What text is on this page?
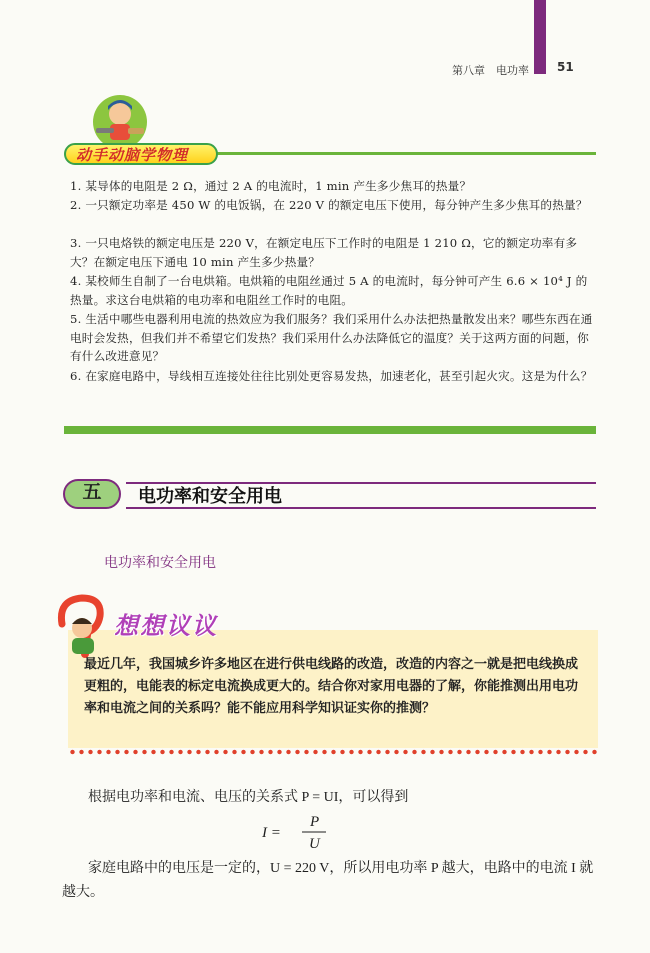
第八章　电功率 51
动手动脑学物理
1. 某导体的电阻是 2 Ω，通过 2 A 的电流时，1 min 产生多少焦耳的热量？
2. 一只额定功率是 450 W 的电饭锅，在 220 V 的额定电压下使用，每分钟产生多少焦耳的热量？
3. 一只电烙铁的额定电压是 220 V，在额定电压下工作时的电阻是 1 210 Ω，它的额定功率有多大？在额定电压下通电 10 min 产生多少热量？
4. 某校师生自制了一台电烘箱。电烘箱的电阻丝通过 5 A 的电流时，每分钟可产生 6.6 × 10⁴ J 的热量。求这台电烘箱的电功率和电阻丝工作时的电阻。
5. 生活中哪些电器利用电流的热效应为我们服务？我们采用什么办法把热量散发出来？哪些东西在通电时会发热，但我们并不希望它们发热？我们采用什么办法降低它的温度？关于这两方面的问题，你有什么改进意见？
6. 在家庭电路中，导线相互连接处往往比别处更容易发热，加速老化，甚至引起火灾。这是为什么？
五	电功率和安全用电
电功率和安全用电
想想议议
最近几年，我国城乡许多地区在进行供电线路的改造，改造的内容之一就是把电线换成更粗的，电能表的标定电流换成更大的。结合你对家用电器的了解，你能推测出用电功率和电流之间的关系吗？能不能应用科学知识证实你的推测？
根据电功率和电流、电压的关系式 P = UI，可以得到
I =
P
U
家庭电路中的电压是一定的，U = 220 V，所以用电功率 P 越大，电路中的电流 I 就越大。
